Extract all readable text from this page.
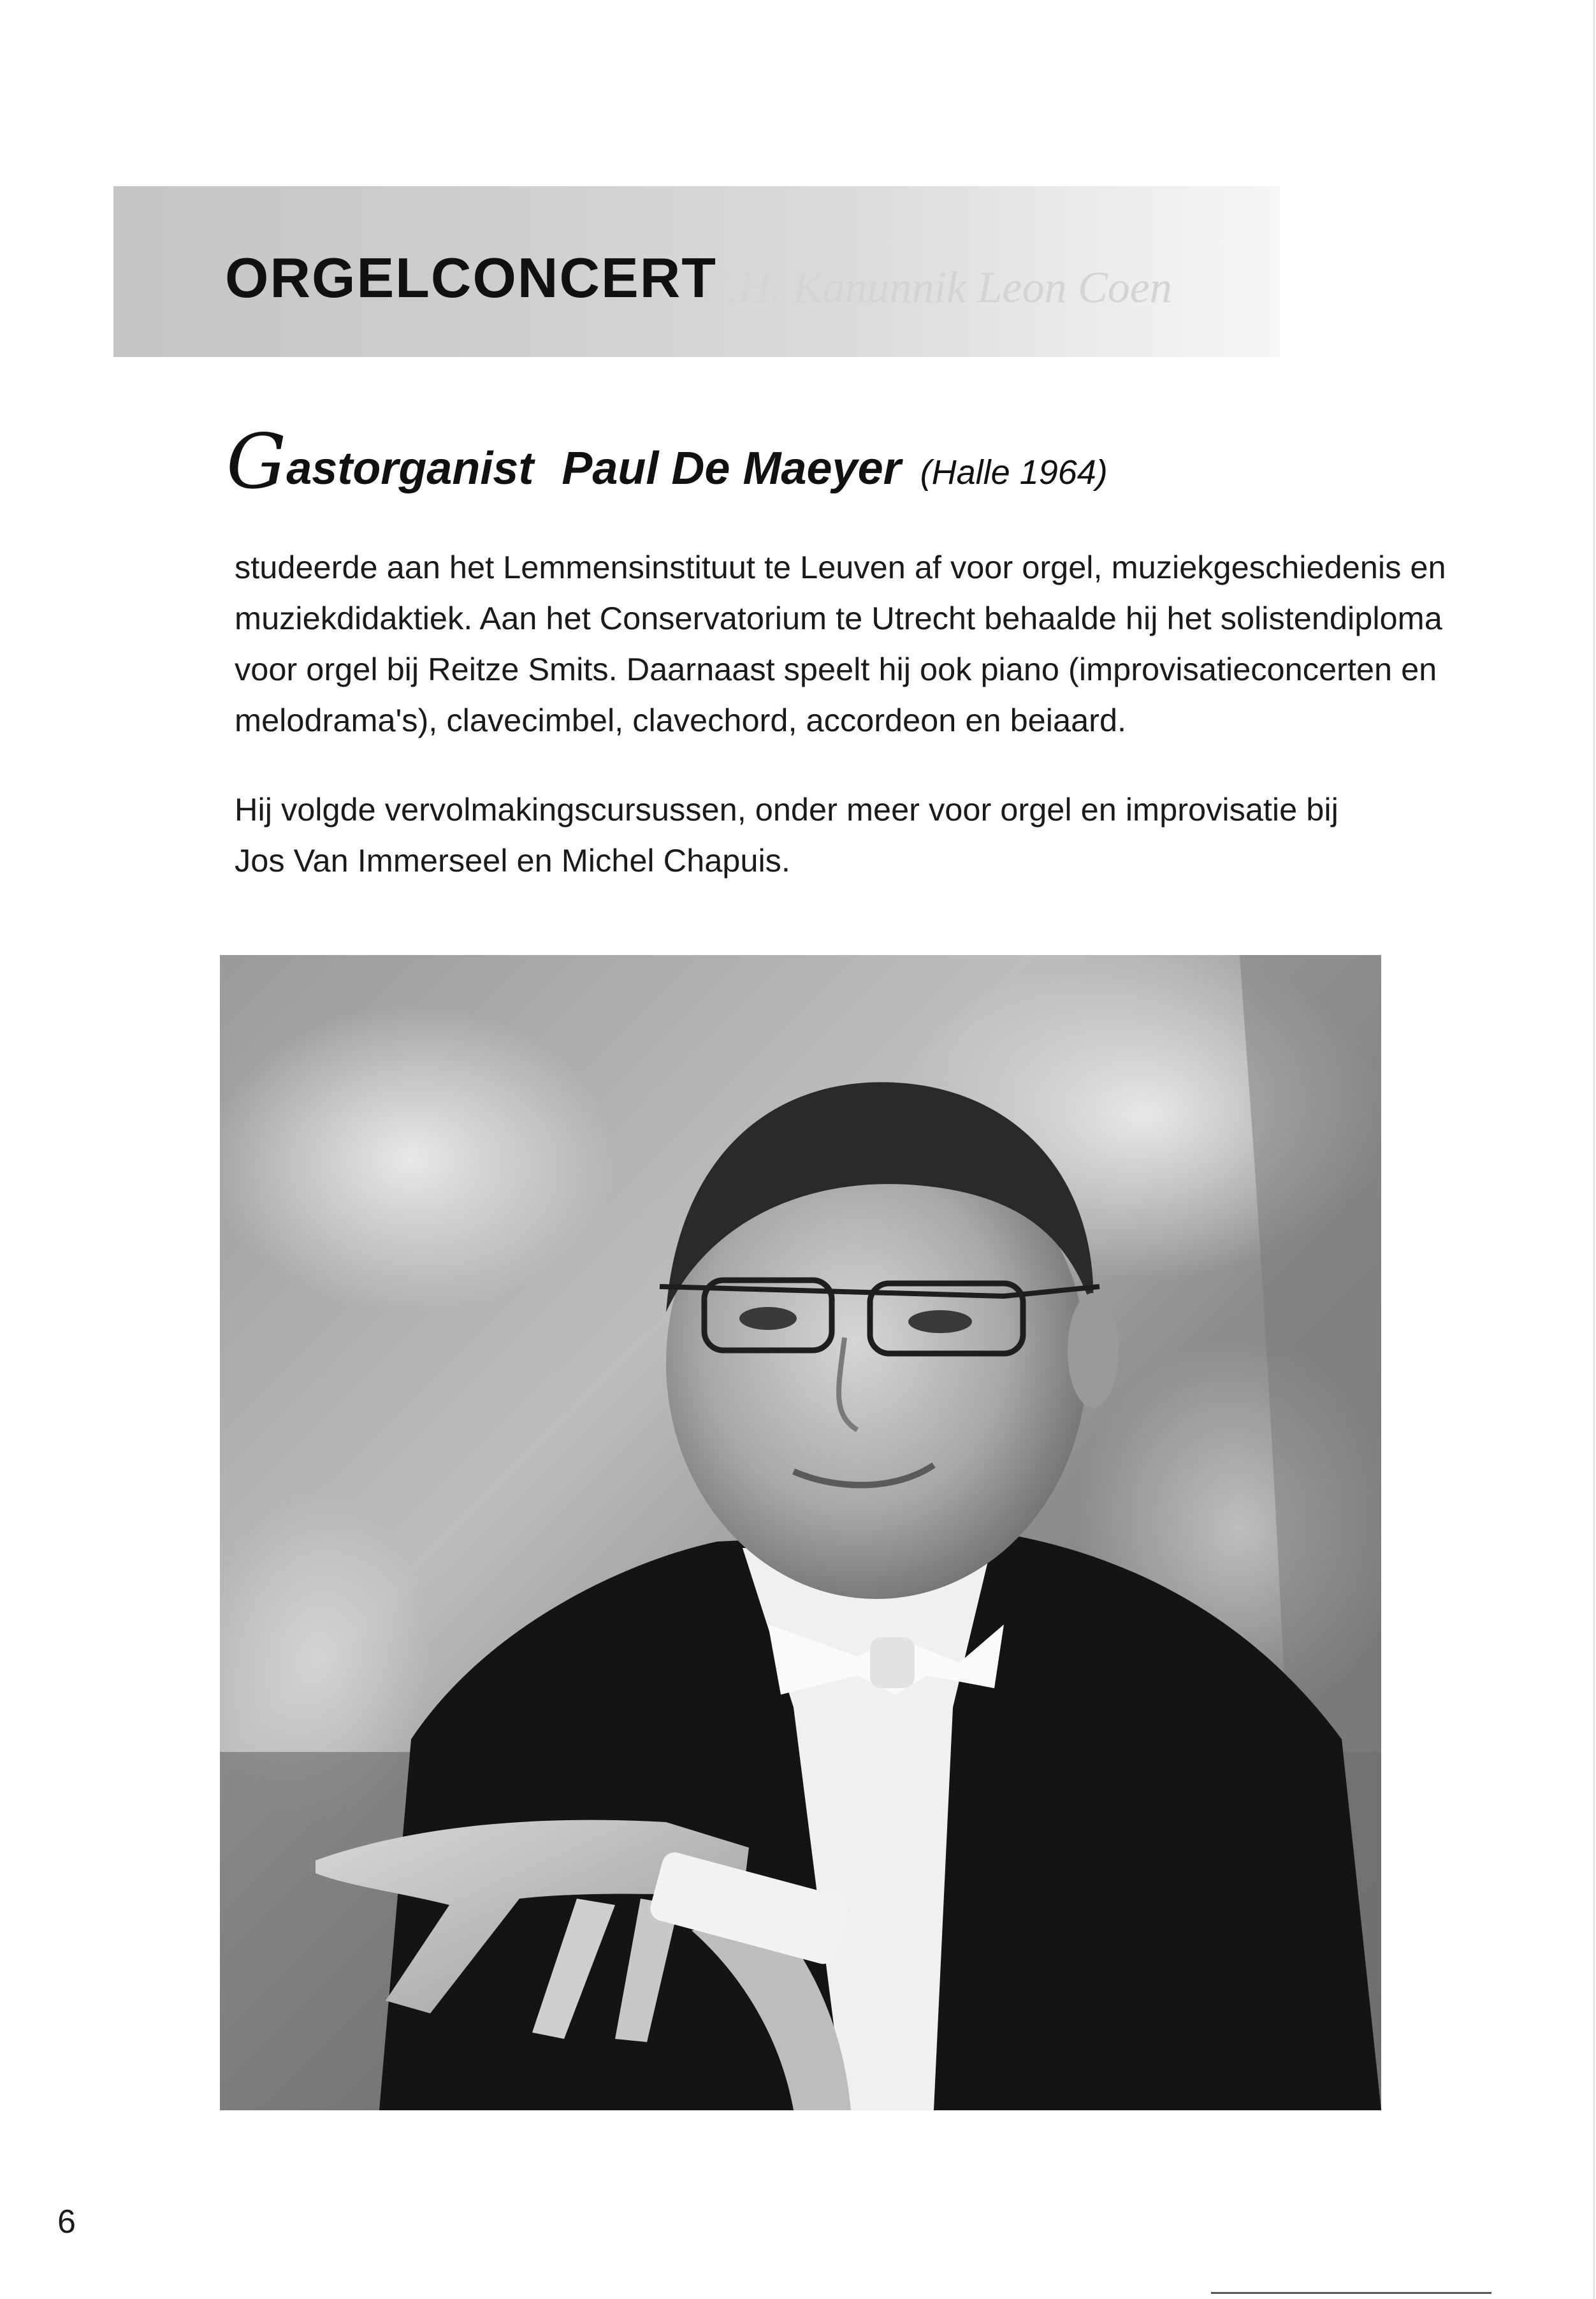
E.H. Kanunnik Leon Coen
ORGELCONCERT
Gastorganist Paul De Maeyer (Halle 1964)

studeerde aan het Lemmensinstituut te Leuven af voor orgel, muziekgeschiedenis en
muziekdidaktiek. Aan het Conservatorium te Utrecht behaalde hij het solistendiploma
voor orgel bij Reitze Smits. Daarnaast speelt hij ook piano (improvisatieconcerten en
melodrama's), clavecimbel, clavechord, accordeon en beiaard.

Hij volgde vervolmakingscursussen, onder meer voor orgel en improvisatie bij
Jos Van Immerseel en Michel Chapuis.

6
